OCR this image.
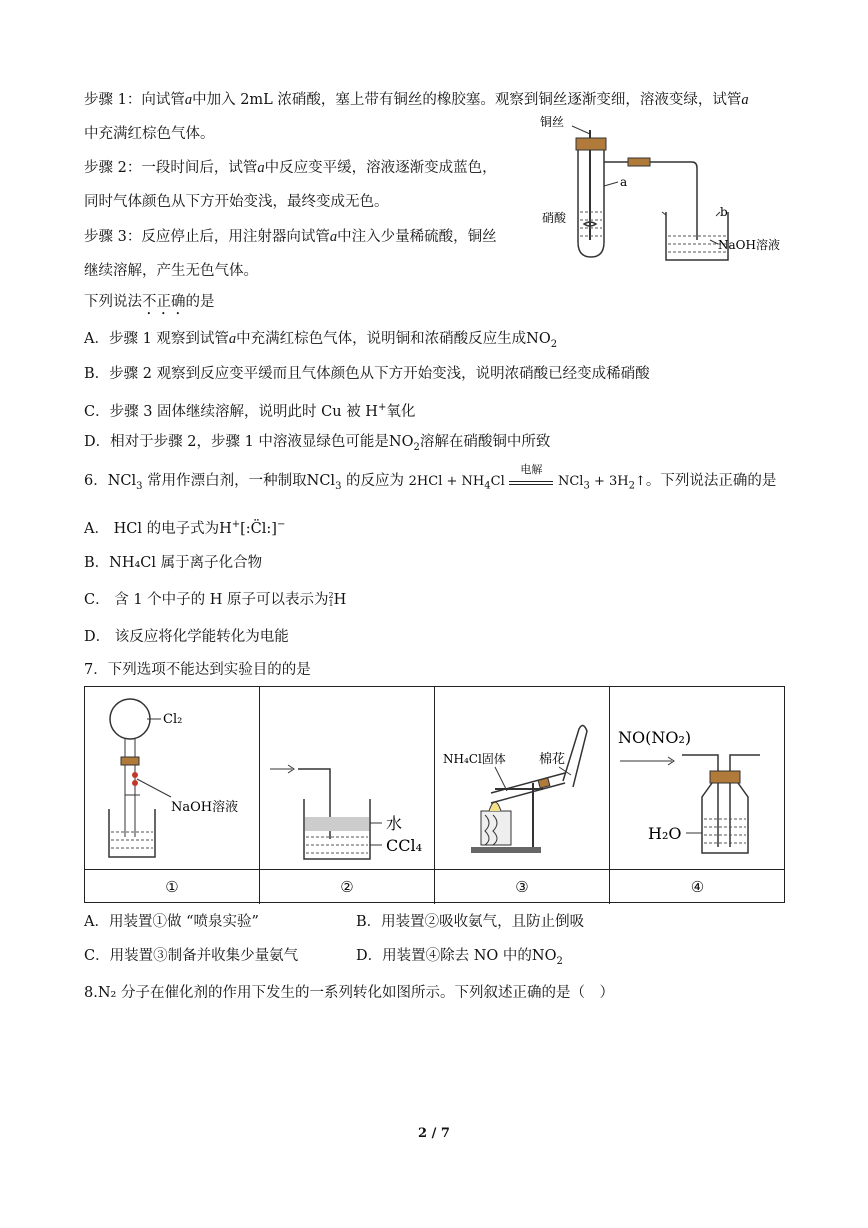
步骤 1：向试管a中加入 2mL 浓硝酸，塞上带有铜丝的橡胶塞。观察到铜丝逐渐变细，溶液变绿，试管a
中充满红棕色气体。
步骤 2：一段时间后，试管a中反应变平缓，溶液逐渐变成蓝色，
同时气体颜色从下方开始变浅，最终变成无色。
步骤 3：反应停止后，用注射器向试管a中注入少量稀硫酸，铜丝
继续溶解，产生无色气体。
下列说法不正确的是
A．步骤 1 观察到试管a中充满红棕色气体，说明铜和浓硝酸反应生成$NO_2$
B．步骤 2 观察到反应变平缓而且气体颜色从下方开始变浅，说明浓硝酸已经变成稀硝酸
C．步骤 3 固体继续溶解，说明此时 Cu 被 H+氧化
D．相对于步骤 2，步骤 1 中溶液显绿色可能是$NO_2$溶解在硝酸铜中所致
铜丝
a
硝酸	b
NaOH溶液
6．NCl$_3$ 常用作漂白剂，一种制取NCl$_3$ 的反应为 $2HCl + NH_4Cl$
电解
$NCl_3 + 3H_2↑$。下列说法正确的是
A． HCl 的电子式为H+[:C̈l:]−
B．NH₄Cl 属于离子化合物
C． 含 1 个中子的 H 原子可以表示为2
1H
D． 该反应将化学能转化为电能
7．下列选项不能达到实验目的的是
Cl₂
NaOH溶液
水
CCl₄
NH₄Cl固体	棉花
NO(NO₂)
H₂O
①	②	③	④
A．用装置①做 “喷泉实验”	B．用装置②吸收氨气，且防止倒吸
C．用装置③制备并收集少量氨气	D．用装置④除去 NO 中的$NO_2$
8.N₂ 分子在催化剂的作用下发生的一系列转化如图所示。下列叙述正确的是（　）
2 / 7
